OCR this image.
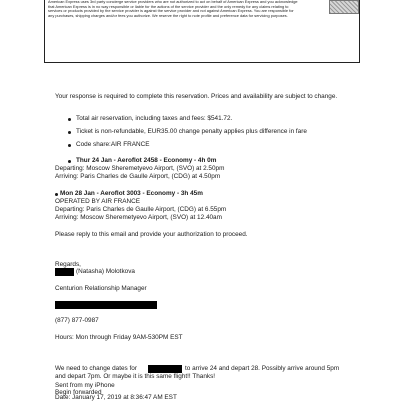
American Express uses 3rd party concierge service providers who are not authorized to act on behalf of American Express and you acknowledge that American Express is in no way responsible or liable for the actions of the service provider and the only remedy for any claims relating to services or products provided by the service provider is against the service provider and not against American Express. You are responsible for any purchases, shipping charges and/or fees you authorize. We reserve the right to note profile and preference data for servicing purposes.

Your response is required to complete this reservation. Prices and availability are subject to change.

Total air reservation, including taxes and fees: $541.72.

Ticket is non-refundable, EUR35.00 change penalty applies plus difference in fare

Code share:AIR FRANCE

Thur 24 Jan - Aeroflot 2458 - Economy - 4h 0m

Departing: Moscow Sheremetyevo Airport, (SVO) at 2.50pm

Arriving: Paris Charles de Gaulle Airport, (CDG) at 4.50pm

Mon 28 Jan - Aeroflot 3003 - Economy - 3h 45m

OPERATED BY AIR FRANCE

Departing: Paris Charles de Gaulle Airport, (CDG) at 6.55pm

Arriving: Moscow Sheremetyevo Airport, (SVO) at 12.40am

Please reply to this email and provide your authorization to proceed.

Regards,

(Natasha) Molotkova

Centurion Relationship Manager

(877) 877-0987

Hours: Mon through Friday 9AM-530PM EST

We need to change dates for	to arrive 24 and depart 28. Possibly arrive around 5pm

and depart 7pm. Or maybe it is this same flight!! Thanks!

Sent from my iPhone

Begin forwarded

Date: January 17, 2019 at 8:36:47 AM EST
